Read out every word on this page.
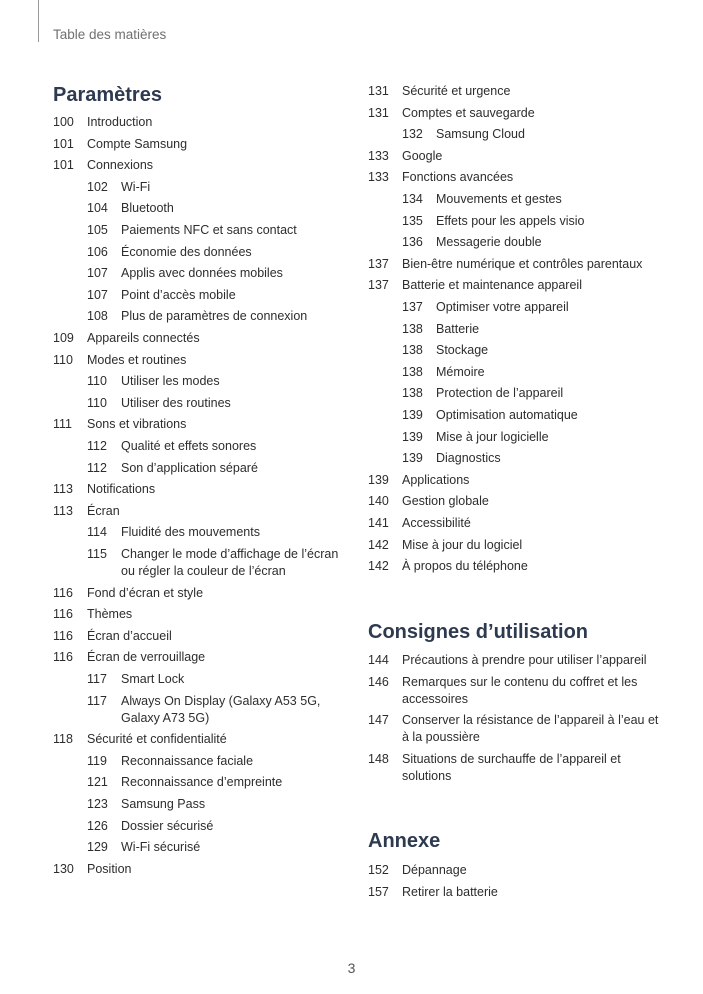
Table des matières
Paramètres
100 Introduction
101 Compte Samsung
101 Connexions
102 Wi-Fi
104 Bluetooth
105 Paiements NFC et sans contact
106 Économie des données
107 Applis avec données mobiles
107 Point d’accès mobile
108 Plus de paramètres de connexion
109 Appareils connectés
110 Modes et routines
110 Utiliser les modes
110 Utiliser des routines
111 Sons et vibrations
112 Qualité et effets sonores
112 Son d’application séparé
113 Notifications
113 Écran
114 Fluidité des mouvements
115 Changer le mode d’affichage de l’écran
ou régler la couleur de l’écran
116 Fond d’écran et style
116 Thèmes
116 Écran d’accueil
116 Écran de verrouillage
117 Smart Lock
117 Always On Display (Galaxy A53 5G,
Galaxy A73 5G)
118 Sécurité et confidentialité
119 Reconnaissance faciale
121 Reconnaissance d’empreinte
123 Samsung Pass
126 Dossier sécurisé
129 Wi-Fi sécurisé
130 Position
131 Sécurité et urgence
131 Comptes et sauvegarde
132 Samsung Cloud
133 Google
133 Fonctions avancées
134 Mouvements et gestes
135 Effets pour les appels visio
136 Messagerie double
137 Bien-être numérique et contrôles parentaux
137 Batterie et maintenance appareil
137 Optimiser votre appareil
138 Batterie
138 Stockage
138 Mémoire
138 Protection de l’appareil
139 Optimisation automatique
139 Mise à jour logicielle
139 Diagnostics
139 Applications
140 Gestion globale
141 Accessibilité
142 Mise à jour du logiciel
142 À propos du téléphone
Consignes d’utilisation
144 Précautions à prendre pour utiliser l’appareil
146 Remarques sur le contenu du coffret et les
accessoires
147 Conserver la résistance de l’appareil à l’eau et
à la poussière
148 Situations de surchauffe de l’appareil et
solutions
Annexe
152 Dépannage
157 Retirer la batterie
3
